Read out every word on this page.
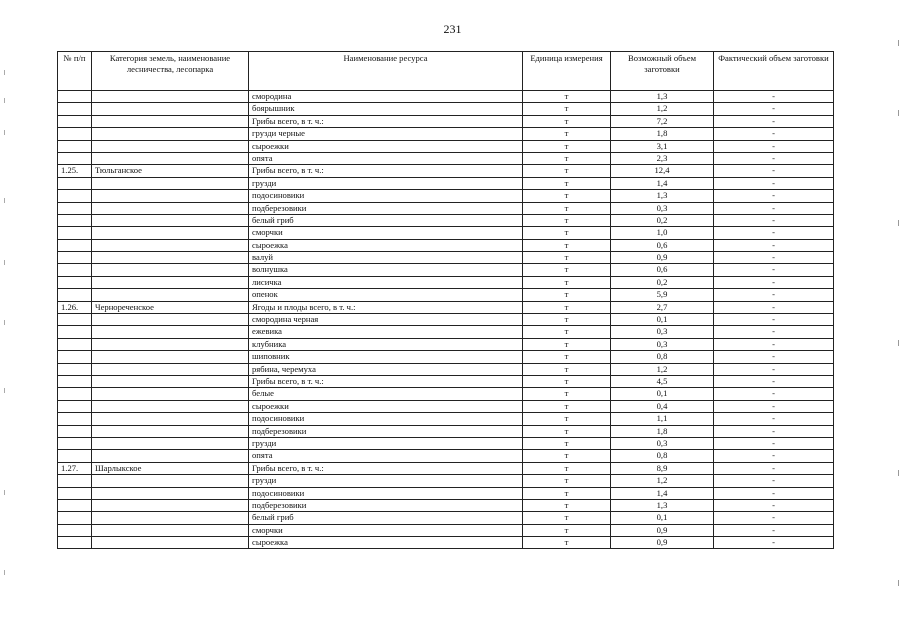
231
№ п/п	Категория земель, наименование лесничества, лесопарка	Наименование ресурса	Единица измерения	Возможный объем заготовки	Фактический объем заготовки
		смородина	т	1,3	-
		боярышник	т	1,2	-
		Грибы всего, в т. ч.:	т	7,2	-
		грузди черные	т	1,8	-
		сыроежки	т	3,1	-
		опята	т	2,3	-
1.25.	Тюльганское	Грибы всего, в т. ч.:	т	12,4	-
		грузди	т	1,4	-
		подосиновики	т	1,3	-
		подберезовики	т	0,3	-
		белый гриб	т	0,2	-
		сморчки	т	1,0	-
		сыроежка	т	0,6	-
		валуй	т	0,9	-
		волнушка	т	0,6	-
		лисичка	т	0,2	-
		опенок	т	5,9	-
1.26.	Чернореченское	Ягоды и плоды всего, в т. ч.:	т	2,7	-
		смородина черная	т	0,1	-
		ежевика	т	0,3	-
		клубника	т	0,3	-
		шиповник	т	0,8	-
		рябина, черемуха	т	1,2	-
		Грибы всего, в т. ч.:	т	4,5	-
		белые	т	0,1	-
		сыроежки	т	0,4	-
		подосиновики	т	1,1	-
		подберезовики	т	1,8	-
		грузди	т	0,3	-
		опята	т	0,8	-
1.27.	Шарлыкское	Грибы всего, в т. ч.:	т	8,9	-
		грузди	т	1,2	-
		подосиновики	т	1,4	-
		подберезовики	т	1,3	-
		белый гриб	т	0,1	-
		сморчки	т	0,9	-
		сыроежка	т	0,9	-
